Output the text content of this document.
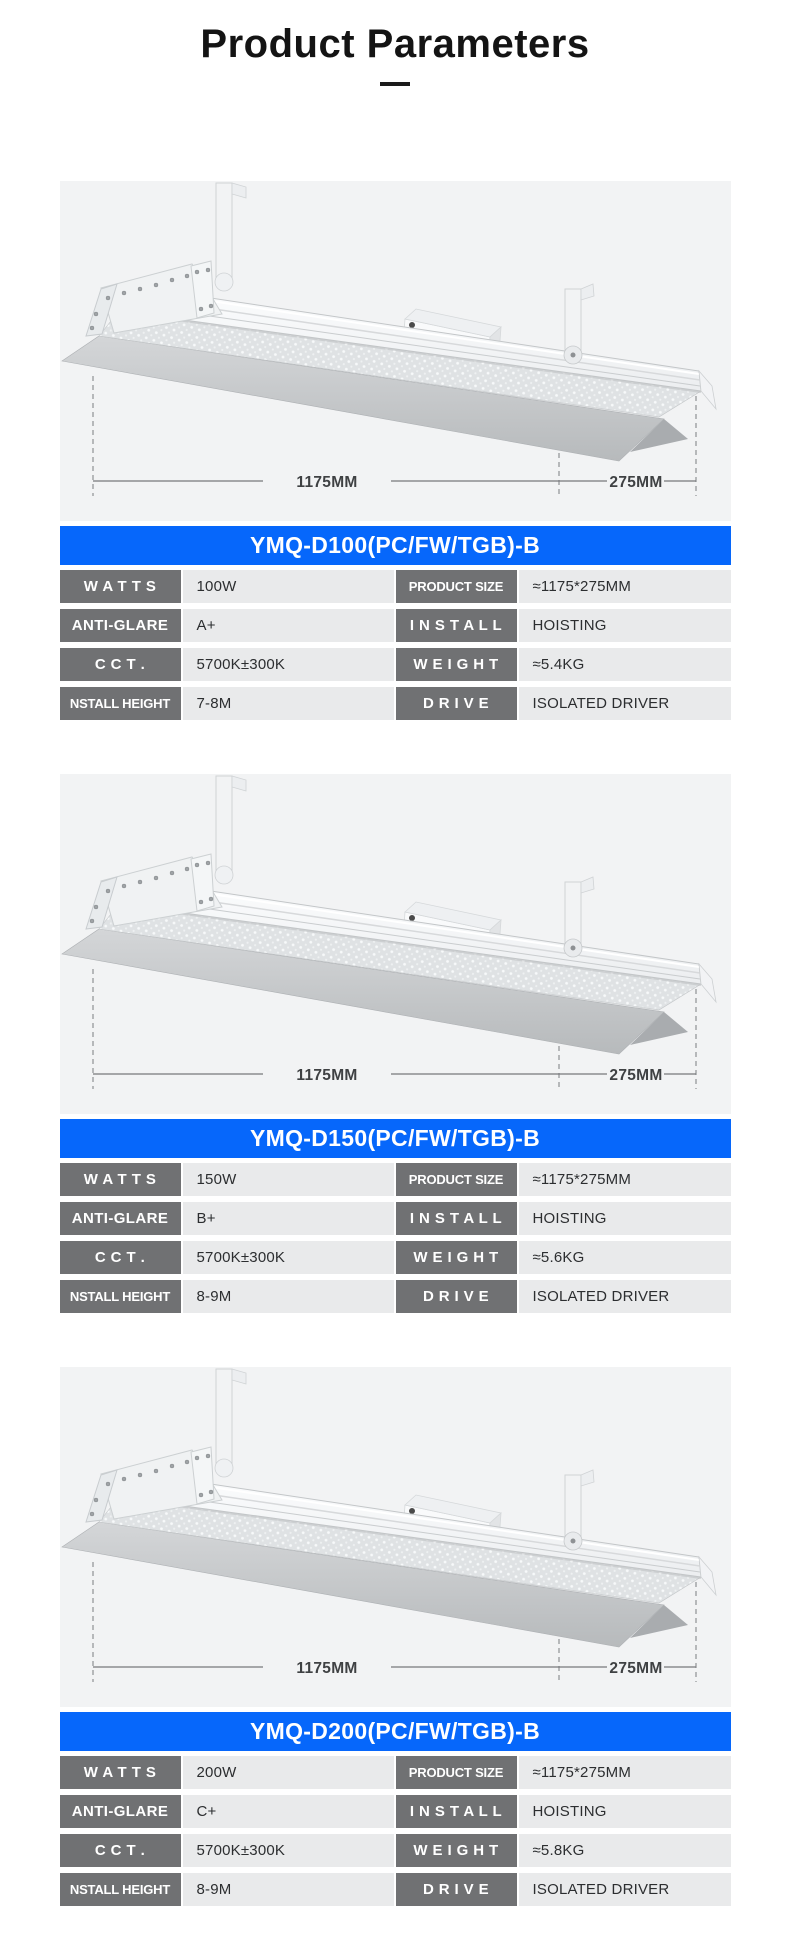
Product Parameters
1175MM	275MM
YMQ-D100(PC/FW/TGB)-B
W A T T S	100W	PRODUCT SIZE	≈1175*275MM
ANTI-GLARE	A+	I N S T A L L	HOISTING
C C T .	5700K±300K	W E I G H T	≈5.4KG
NSTALL HEIGHT	7-8M	D R I V E	ISOLATED DRIVER
1175MM	275MM
YMQ-D150(PC/FW/TGB)-B
W A T T S	150W	PRODUCT SIZE	≈1175*275MM
ANTI-GLARE	B+	I N S T A L L	HOISTING
C C T .	5700K±300K	W E I G H T	≈5.6KG
NSTALL HEIGHT	8-9M	D R I V E	ISOLATED DRIVER
1175MM	275MM
YMQ-D200(PC/FW/TGB)-B
W A T T S	200W	PRODUCT SIZE	≈1175*275MM
ANTI-GLARE	C+	I N S T A L L	HOISTING
C C T .	5700K±300K	W E I G H T	≈5.8KG
NSTALL HEIGHT	8-9M	D R I V E	ISOLATED DRIVER
